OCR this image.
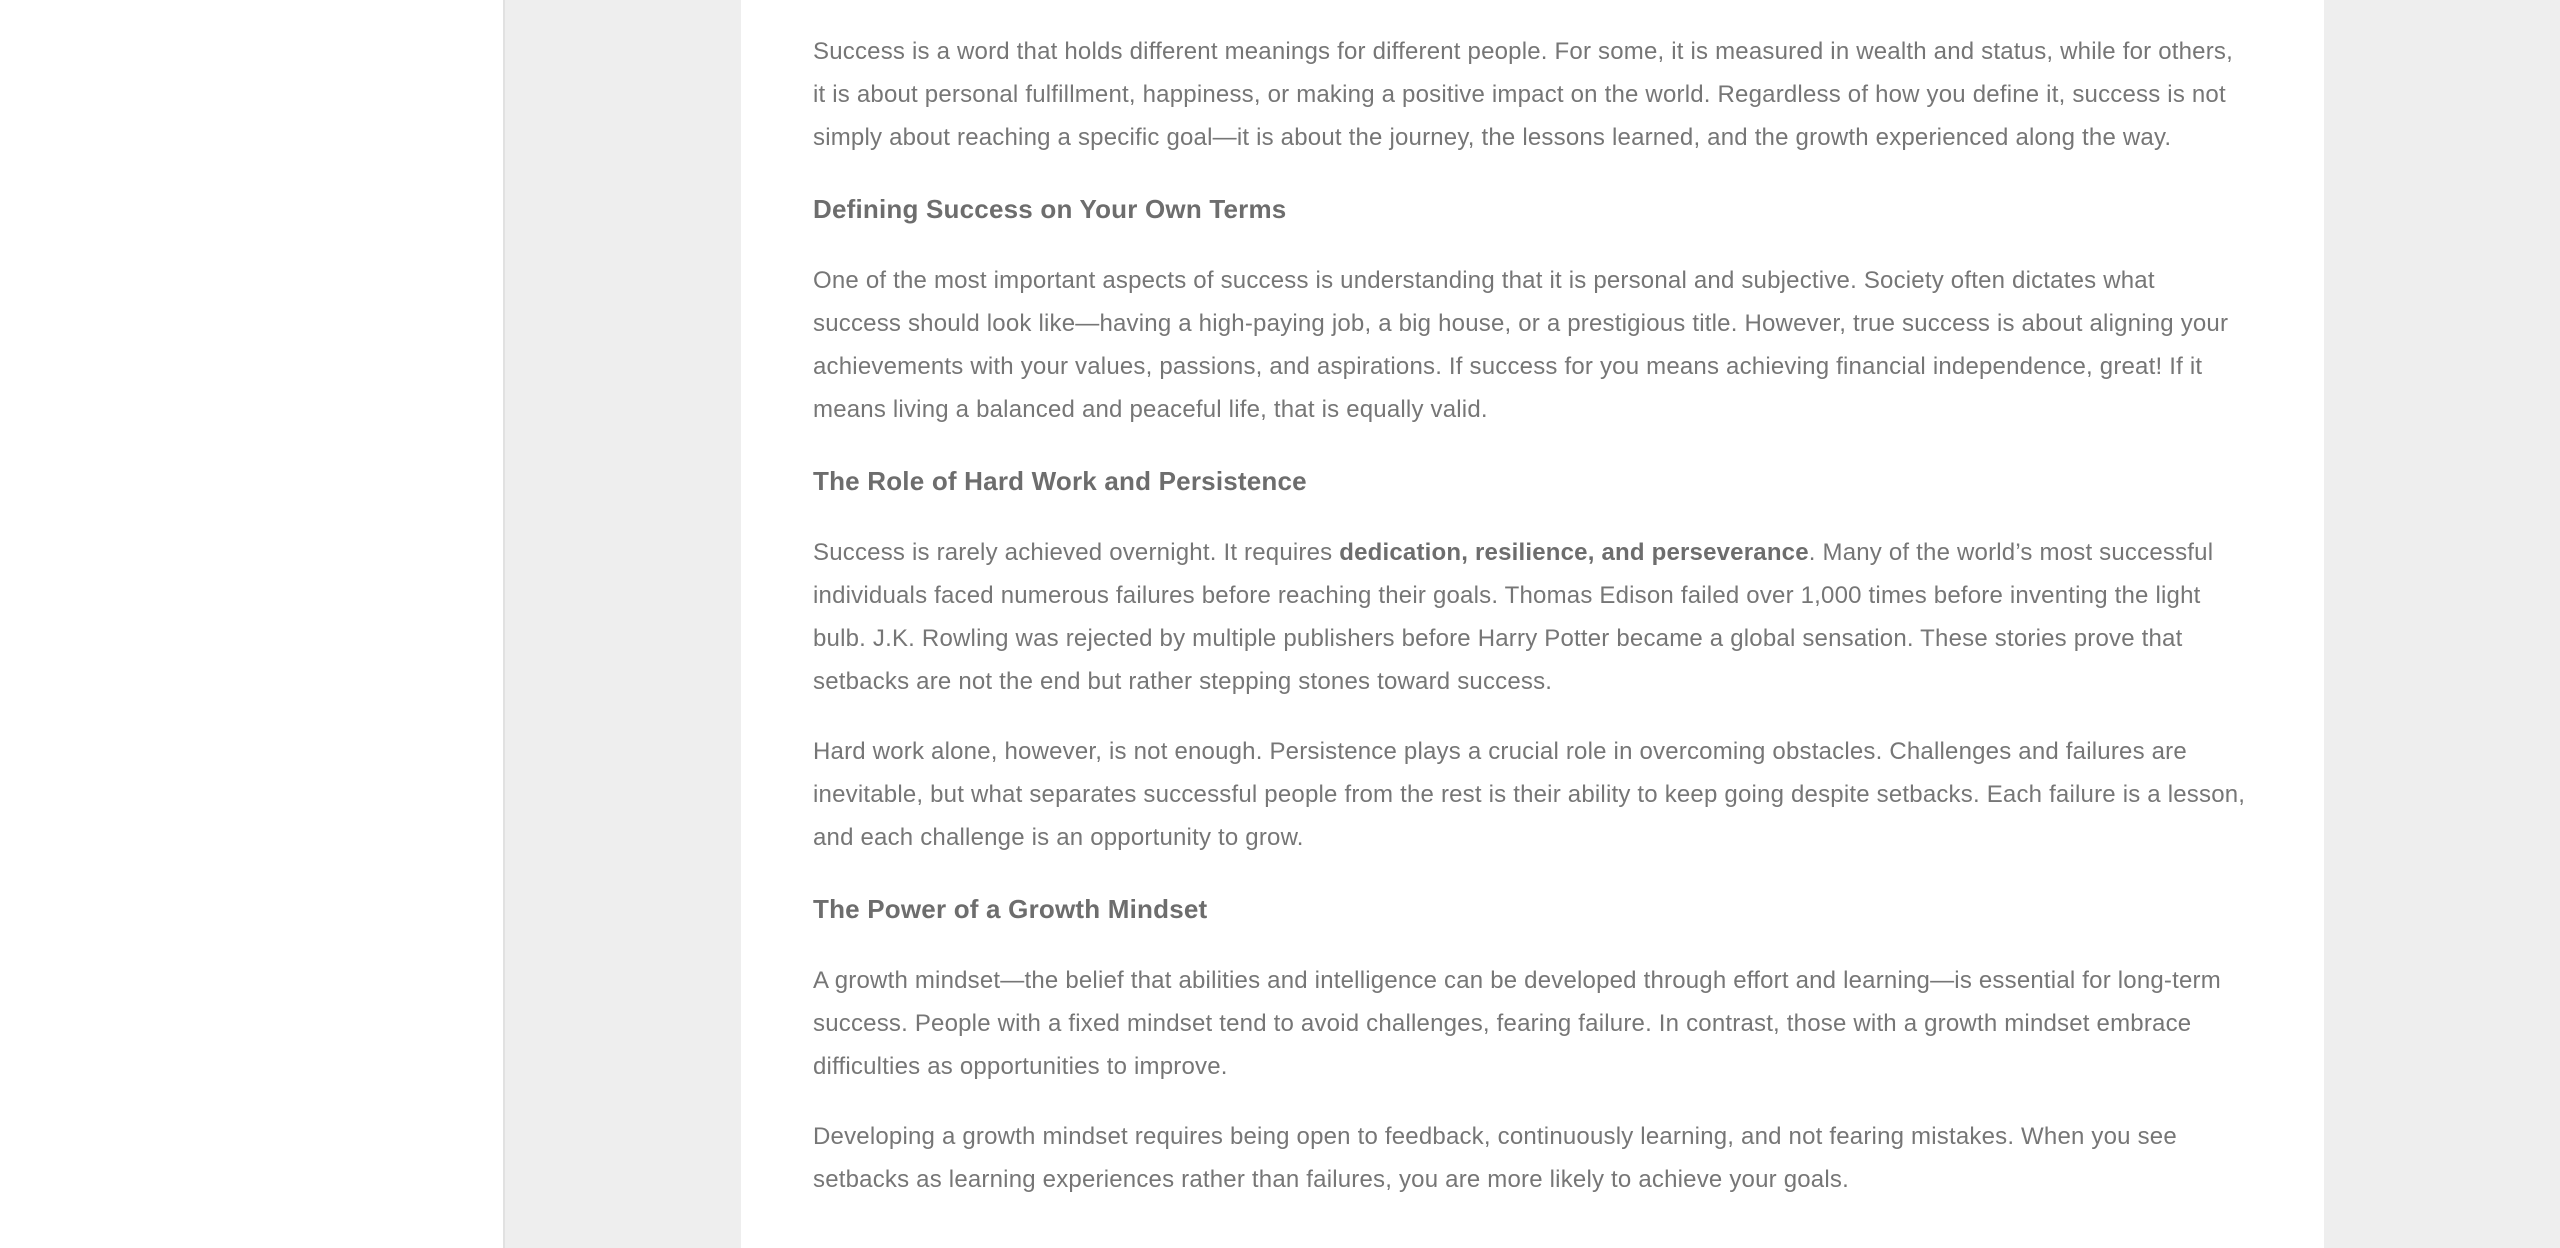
Success is a word that holds different meanings for different people. For some, it is measured in wealth and status, while for others, it is about personal fulfillment, happiness, or making a positive impact on the world. Regardless of how you define it, success is not simply about reaching a specific goal—it is about the journey, the lessons learned, and the growth experienced along the way.

Defining Success on Your Own Terms

One of the most important aspects of success is understanding that it is personal and subjective. Society often dictates what success should look like—having a high-paying job, a big house, or a prestigious title. However, true success is about aligning your achievements with your values, passions, and aspirations. If success for you means achieving financial independence, great! If it means living a balanced and peaceful life, that is equally valid.

The Role of Hard Work and Persistence

Success is rarely achieved overnight. It requires dedication, resilience, and perseverance. Many of the world’s most successful individuals faced numerous failures before reaching their goals. Thomas Edison failed over 1,000 times before inventing the light bulb. J.K. Rowling was rejected by multiple publishers before Harry Potter became a global sensation. These stories prove that setbacks are not the end but rather stepping stones toward success.

Hard work alone, however, is not enough. Persistence plays a crucial role in overcoming obstacles. Challenges and failures are inevitable, but what separates successful people from the rest is their ability to keep going despite setbacks. Each failure is a lesson, and each challenge is an opportunity to grow.

The Power of a Growth Mindset

A growth mindset—the belief that abilities and intelligence can be developed through effort and learning—is essential for long-term success. People with a fixed mindset tend to avoid challenges, fearing failure. In contrast, those with a growth mindset embrace difficulties as opportunities to improve.

Developing a growth mindset requires being open to feedback, continuously learning, and not fearing mistakes. When you see setbacks as learning experiences rather than failures, you are more likely to achieve your goals.
